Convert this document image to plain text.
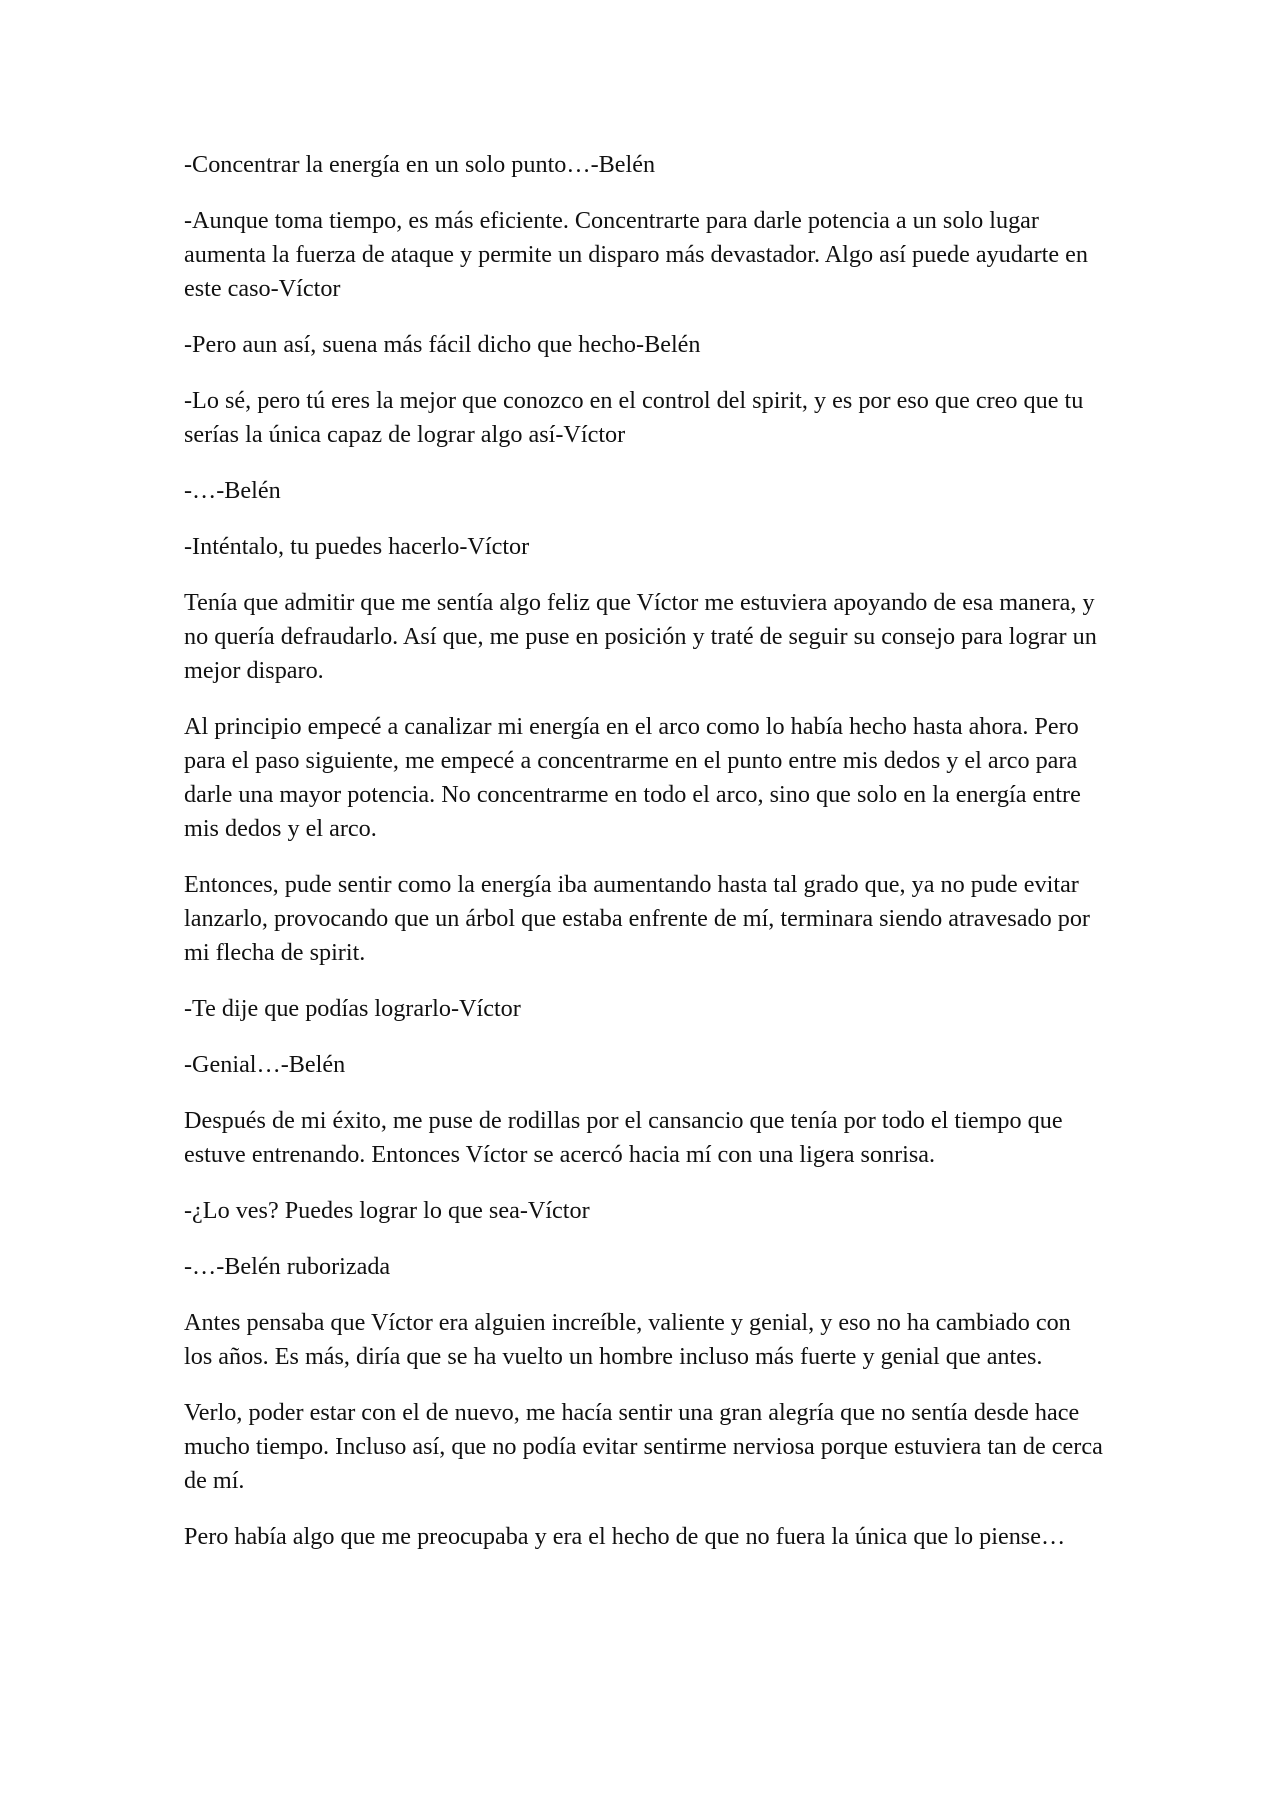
-Concentrar la energía en un solo punto…-Belén

-Aunque toma tiempo, es más eficiente. Concentrarte para darle potencia a un solo lugar aumenta la fuerza de ataque y permite un disparo más devastador. Algo así puede ayudarte en este caso-Víctor

-Pero aun así, suena más fácil dicho que hecho-Belén

-Lo sé, pero tú eres la mejor que conozco en el control del spirit, y es por eso que creo que tu serías la única capaz de lograr algo así-Víctor

-…-Belén

-Inténtalo, tu puedes hacerlo-Víctor

Tenía que admitir que me sentía algo feliz que Víctor me estuviera apoyando de esa manera, y no quería defraudarlo. Así que, me puse en posición y traté de seguir su consejo para lograr un mejor disparo.

Al principio empecé a canalizar mi energía en el arco como lo había hecho hasta ahora. Pero para el paso siguiente, me empecé a concentrarme en el punto entre mis dedos y el arco para darle una mayor potencia. No concentrarme en todo el arco, sino que solo en la energía entre mis dedos y el arco.

Entonces, pude sentir como la energía iba aumentando hasta tal grado que, ya no pude evitar lanzarlo, provocando que un árbol que estaba enfrente de mí, terminara siendo atravesado por mi flecha de spirit.

-Te dije que podías lograrlo-Víctor

-Genial…-Belén

Después de mi éxito, me puse de rodillas por el cansancio que tenía por todo el tiempo que estuve entrenando. Entonces Víctor se acercó hacia mí con una ligera sonrisa.

-¿Lo ves? Puedes lograr lo que sea-Víctor

-…-Belén ruborizada

Antes pensaba que Víctor era alguien increíble, valiente y genial, y eso no ha cambiado con los años. Es más, diría que se ha vuelto un hombre incluso más fuerte y genial que antes.

Verlo, poder estar con el de nuevo, me hacía sentir una gran alegría que no sentía desde hace mucho tiempo. Incluso así, que no podía evitar sentirme nerviosa porque estuviera tan de cerca de mí.

Pero había algo que me preocupaba y era el hecho de que no fuera la única que lo piense…
